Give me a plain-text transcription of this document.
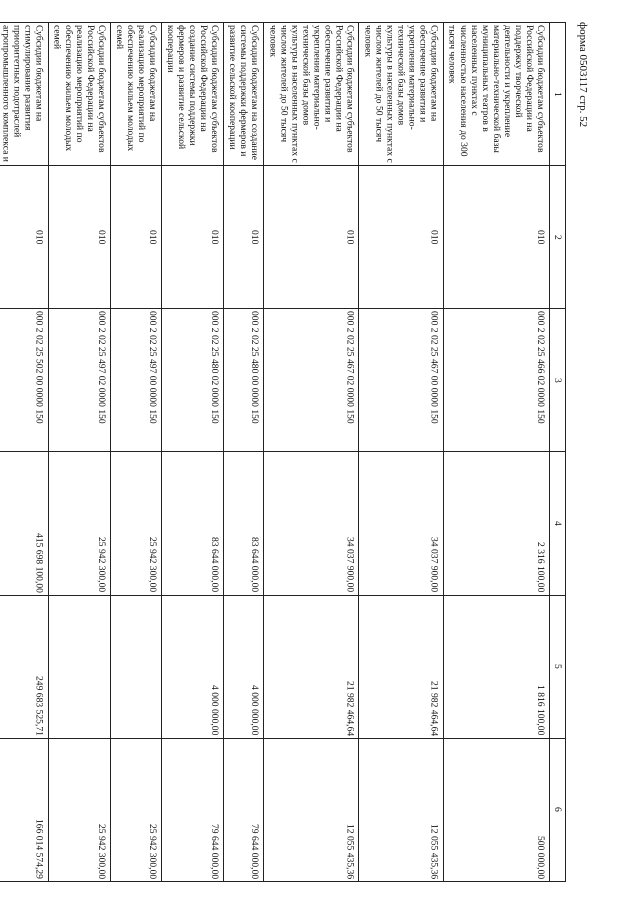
форма 0503117 стр. 52
1	2	3	4	5	6
Субсидии бюджетам субъектов Российской Федерации на поддержку творческой деятельности и укрепление материально-технической базы муниципальных театров в населенных пунктах с численностью населения до 300 тысяч человек	010	000 2 02 25 466 02 0000 150	2 316 100,00	1 816 100,00	500 000,00
Субсидии бюджетам на обеспечение развития и укрепления материально-технической базы домов культуры в населенных пунктах с числом жителей до 50 тысяч человек	010	000 2 02 25 467 00 0000 150	34 037 900,00	21 982 464,64	12 055 435,36
Субсидии бюджетам субъектов Российской Федерации на обеспечение развития и укрепления материально-технической базы домов культуры в населенных пунктах с числом жителей до 50 тысяч человек	010	000 2 02 25 467 02 0000 150	34 037 900,00	21 982 464,64	12 055 435,36
Субсидии бюджетам на создание системы поддержки фермеров и развитие сельской кооперации	010	000 2 02 25 480 00 0000 150	83 644 000,00	4 000 000,00	79 644 000,00
Субсидии бюджетам субъектов Российской Федерации на создание системы поддержки фермеров и развитие сельской кооперации	010	000 2 02 25 480 02 0000 150	83 644 000,00	4 000 000,00	79 644 000,00
Субсидии бюджетам на реализацию мероприятий по обеспечению жильем молодых семей	010	000 2 02 25 497 00 0000 150	25 942 300,00		25 942 300,00
Субсидии бюджетам субъектов Российской Федерации на реализацию мероприятий по обеспечению жильем молодых семей	010	000 2 02 25 497 02 0000 150	25 942 300,00		25 942 300,00
Субсидии бюджетам на стимулирование развития приоритетных подотраслей агропромышленного комплекса и	010	000 2 02 25 502 00 0000 150	415 698 100,00	249 683 525,71	166 014 574,29
